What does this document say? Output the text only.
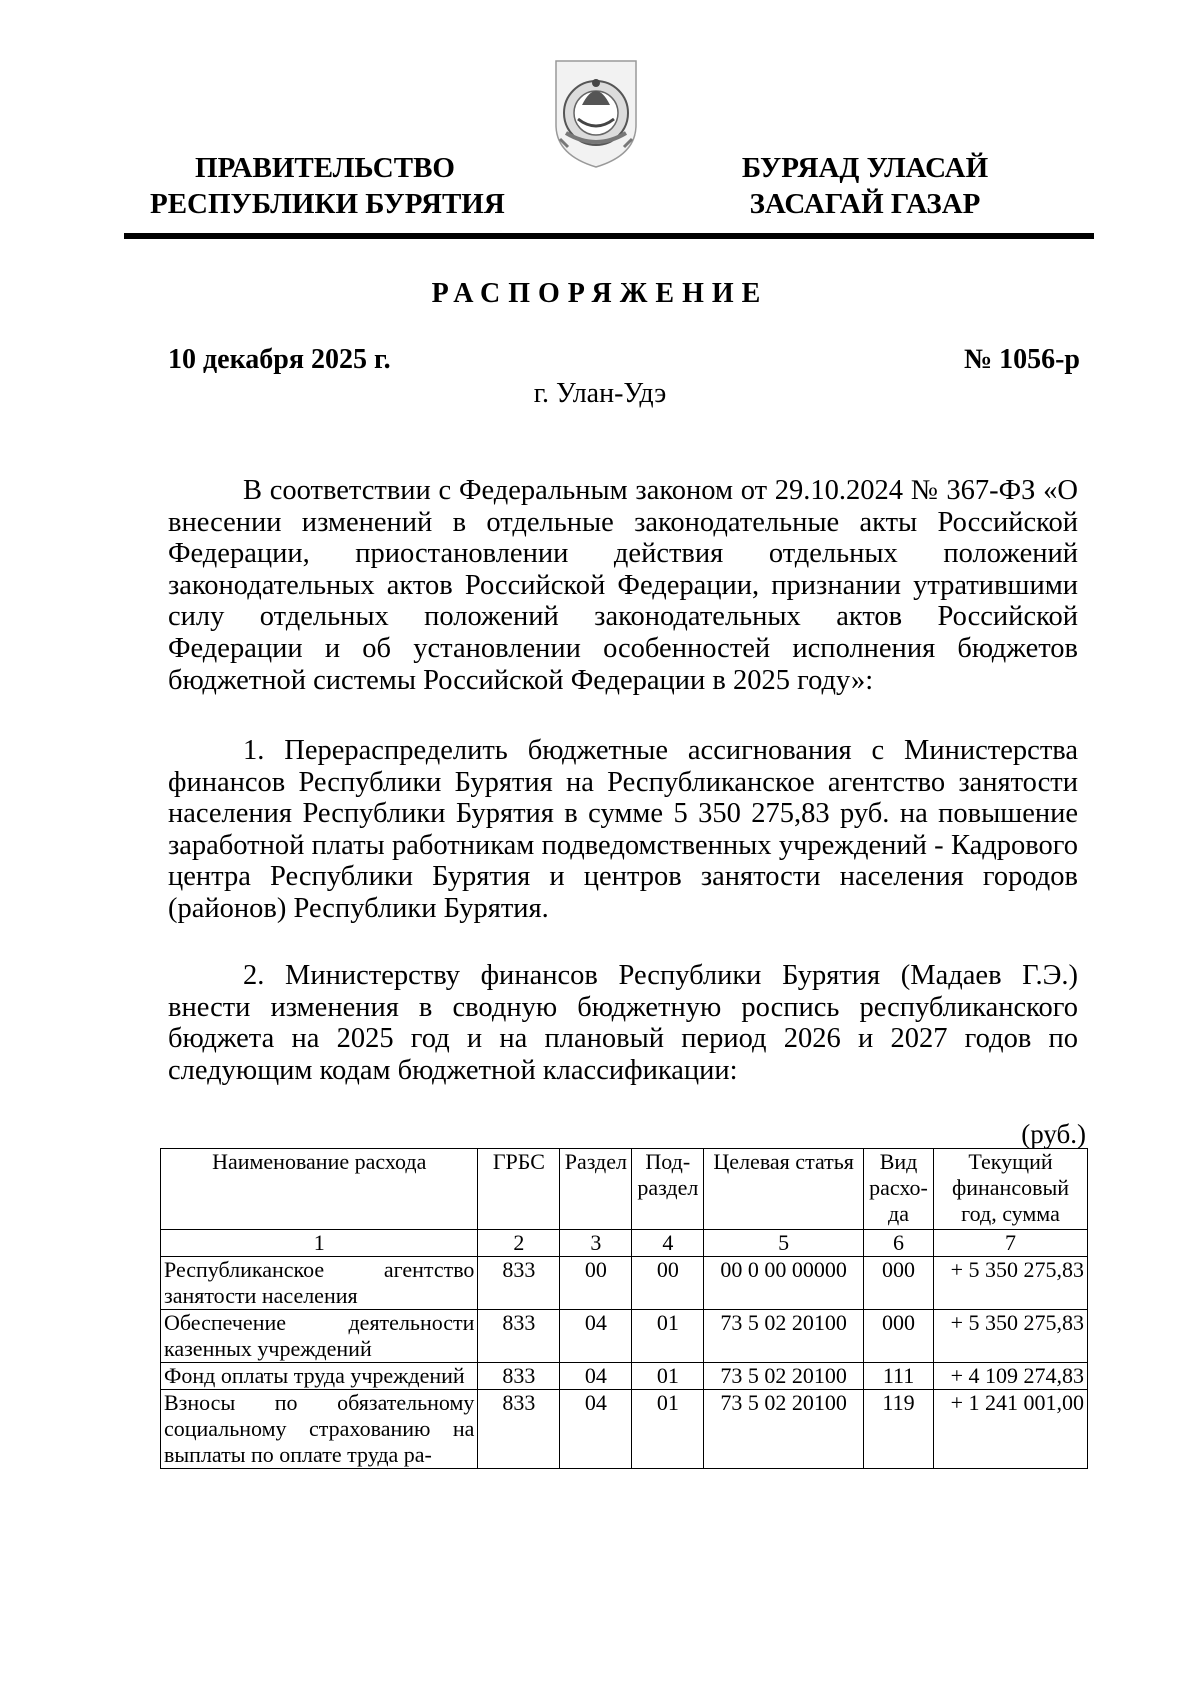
ПРАВИТЕЛЬСТВО
РЕСПУБЛИКИ БУРЯТИЯ
БУРЯАД УЛАСАЙ
ЗАСАГАЙ ГАЗАР
РАСПОРЯЖЕНИЕ
10 декабря 2025 г.	№ 1056-р
г. Улан-Удэ
В соответствии с Федеральным законом от 29.10.2024 № 367-ФЗ «О внесении изменений в отдельные законодательные акты Российской Федерации, приостановлении действия отдельных положений законодательных актов Российской Федерации, признании утратившими силу отдельных положений законодательных актов Российской Федерации и об установлении особенностей исполнения бюджетов бюджетной системы Российской Федерации в 2025 году»:
1. Перераспределить бюджетные ассигнования с Министерства финансов Республики Бурятия на Республиканское агентство занятости населения Республики Бурятия в сумме 5 350 275,83 руб. на повышение заработной платы работникам подведомственных учреждений - Кадрового центра Республики Бурятия и центров занятости населения городов (районов) Республики Бурятия.
2. Министерству финансов Республики Бурятия (Мадаев Г.Э.) внести изменения в сводную бюджетную роспись республиканского бюджета на 2025 год и на плановый период 2026 и 2027 годов по следующим кодам бюджетной классификации:
(руб.)
Наименование расхода	ГРБС	Раздел	Под-раздел	Целевая статья	Вид расхо-да	Текущий финансовый год, сумма
1	2	3	4	5	6	7
Республиканское агентство занятости населения	833	00	00	00 0 00 00000	000	+ 5 350 275,83
Обеспечение деятельности казенных учреждений	833	04	01	73 5 02 20100	000	+ 5 350 275,83
Фонд оплаты труда учреждений	833	04	01	73 5 02 20100	111	+ 4 109 274,83
Взносы по обязательному социальному страхованию на выплаты по оплате труда ра-	833	04	01	73 5 02 20100	119	+ 1 241 001,00
